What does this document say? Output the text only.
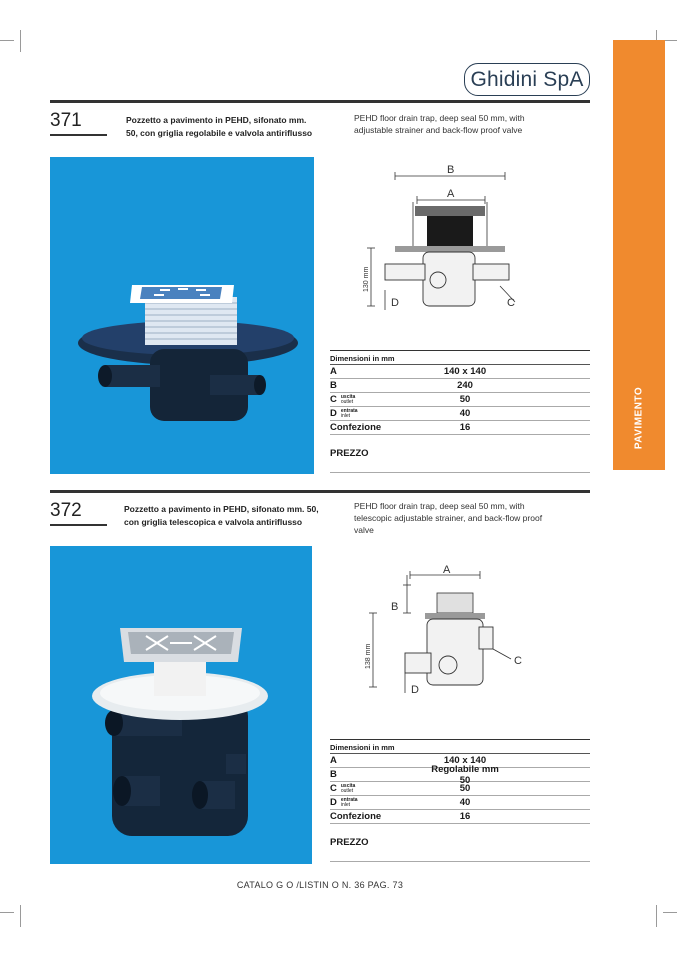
PAVIMENTO
Ghidini SpA
371	Pozzetto a pavimento in PEHD, sifonato mm. 50, con griglia regolabile e valvola antiriflusso
PEHD floor drain trap, deep seal 50 mm, with adjustable strainer and back-flow proof valve
B
A
D	C
130 mm
Dimensioni in mm
A	140 x 140
B	240
C uscita
outlet	50
D entrata
inlet	40
Confezione	16
PREZZO
372	Pozzetto a pavimento in PEHD, sifonato mm. 50, con griglia telescopica e valvola antiriflusso
PEHD floor drain trap, deep seal 50 mm, with telescopic adjustable strainer, and back-flow proof valve
A
B
C
D
138 mm
Dimensioni in mm
A	140 x 140
B	Regolabile mm 50
C uscita
outlet	50
D entrata
inlet	40
Confezione	16
PREZZO
CATALO G O /LISTIN O N. 36 PAG. 73
